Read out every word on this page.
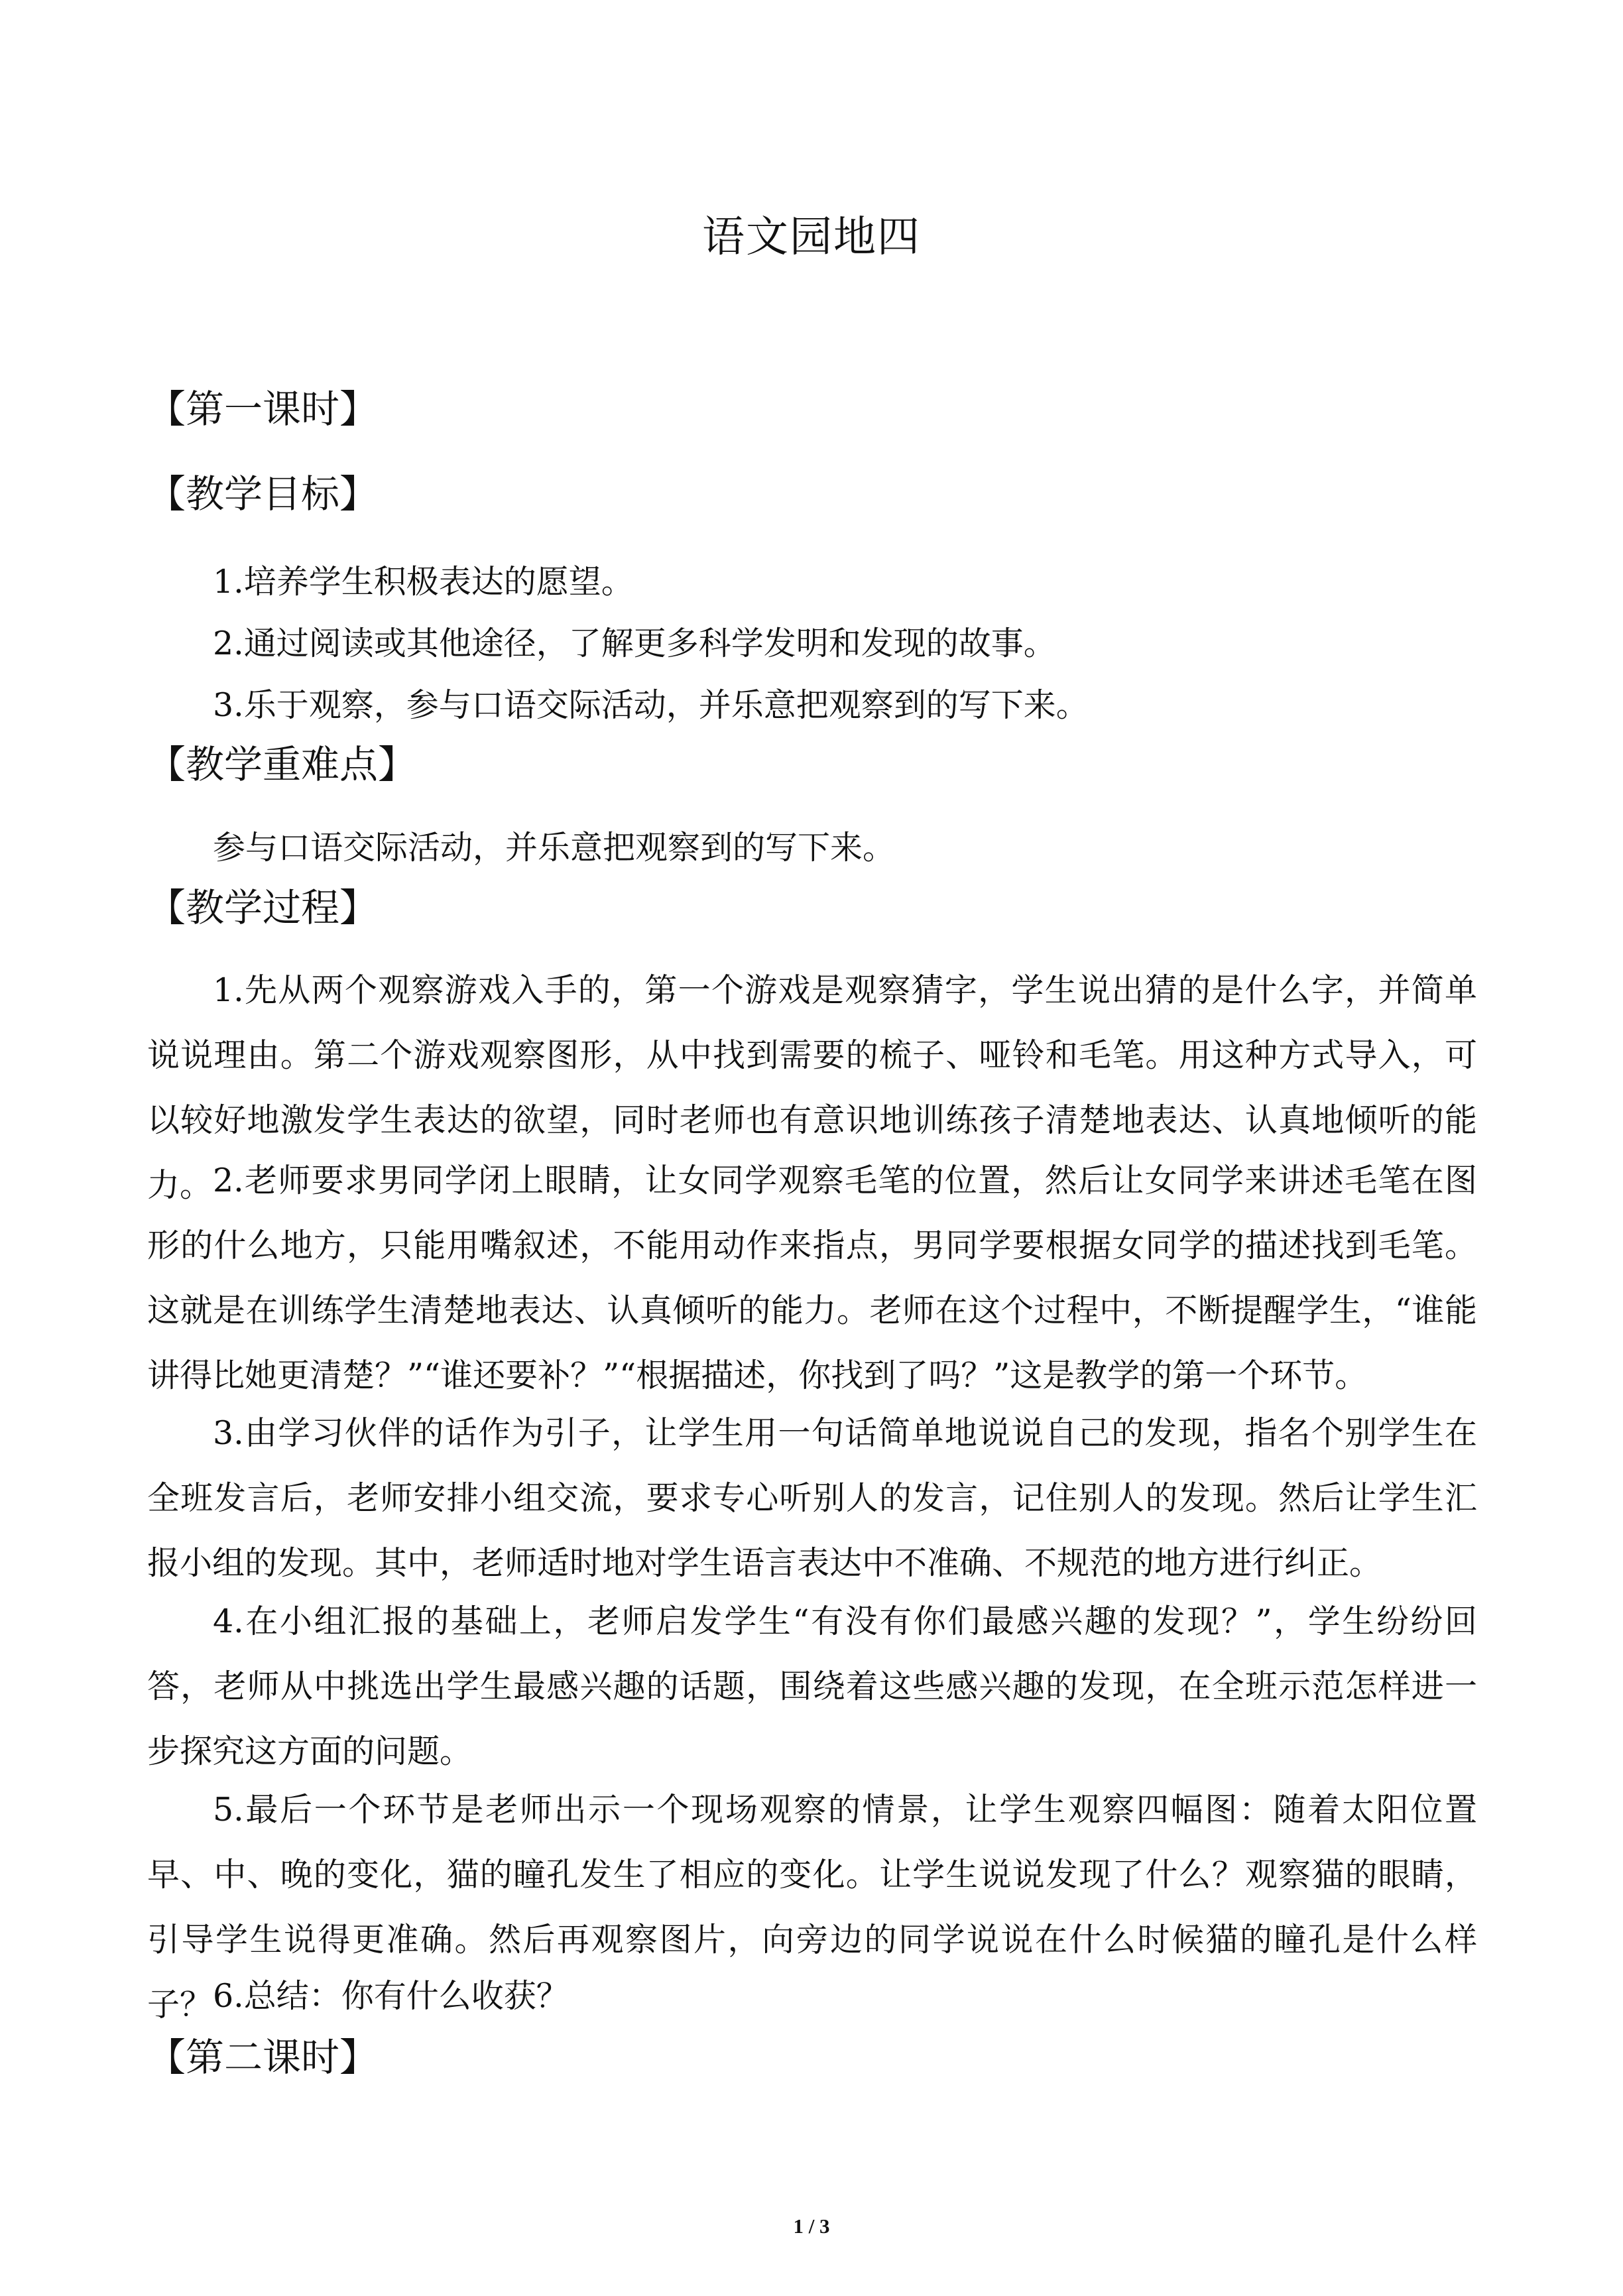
语文园地四
【第一课时】
【教学目标】
1.培养学生积极表达的愿望。
2.通过阅读或其他途径，了解更多科学发明和发现的故事。
3.乐于观察，参与口语交际活动，并乐意把观察到的写下来。
【教学重难点】
参与口语交际活动，并乐意把观察到的写下来。
【教学过程】
1.先从两个观察游戏入手的，第一个游戏是观察猜字，学生说出猜的是什么字，并简单说说理由。第二个游戏观察图形，从中找到需要的梳子、哑铃和毛笔。用这种方式导入，可以较好地激发学生表达的欲望，同时老师也有意识地训练孩子清楚地表达、认真地倾听的能力。 2.老师要求男同学闭上眼睛，让女同学观察毛笔的位置，然后让女同学来讲述毛笔在图形的什么地方，只能用嘴叙述，不能用动作来指点，男同学要根据女同学的描述找到毛笔。这就是在训练学生清楚地表达、认真倾听的能力。老师在这个过程中，不断提醒学生，“谁能讲得比她更清楚？”“谁还要补？”“根据描述，你找到了吗？”这是教学的第一个环节。
3.由学习伙伴的话作为引子，让学生用一句话简单地说说自己的发现，指名个别学生在全班发言后，老师安排小组交流，要求专心听别人的发言，记住别人的发现。然后让学生汇报小组的发现。其中，老师适时地对学生语言表达中不准确、不规范的地方进行纠正。
4.在小组汇报的基础上，老师启发学生“有没有你们最感兴趣的发现？”，学生纷纷回答，老师从中挑选出学生最感兴趣的话题，围绕着这些感兴趣的发现，在全班示范怎样进一步探究这方面的问题。
5.最后一个环节是老师出示一个现场观察的情景，让学生观察四幅图：随着太阳位置早、中、晚的变化，猫的瞳孔发生了相应的变化。让学生说说发现了什么？观察猫的眼睛，引导学生说得更准确。然后再观察图片，向旁边的同学说说在什么时候猫的瞳孔是什么样子？ 6.总结：你有什么收获？
【第二课时】
1 / 3
